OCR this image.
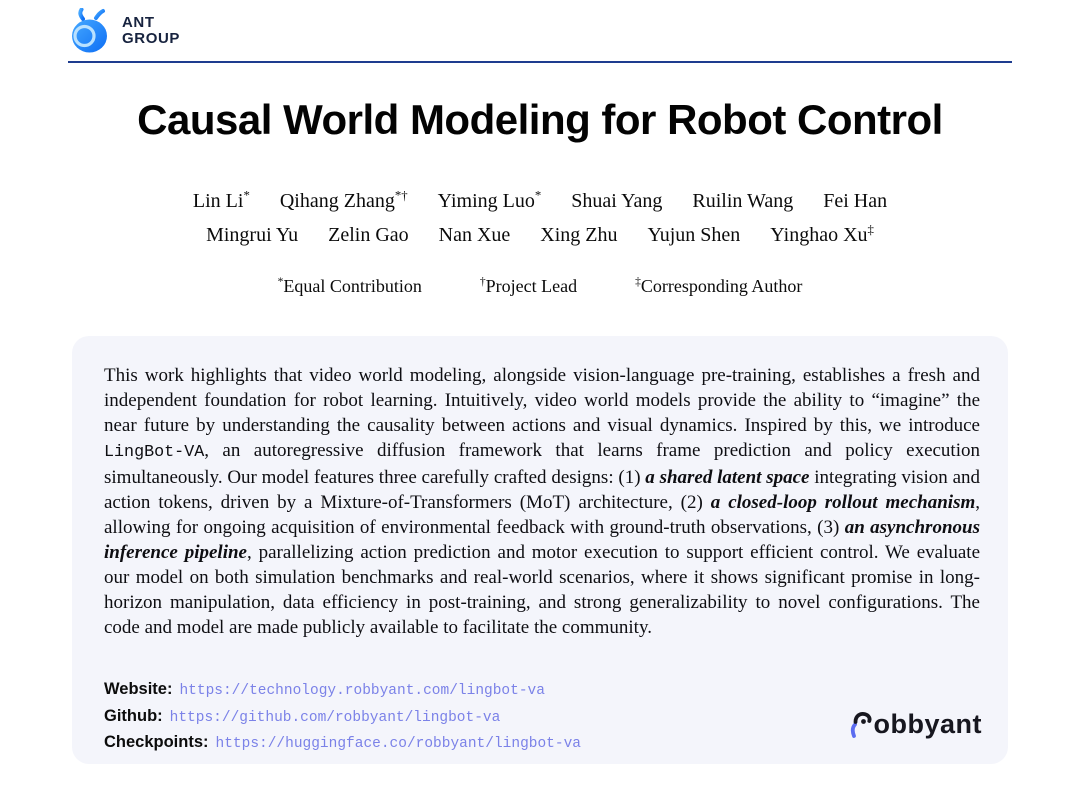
ANT
GROUP
Causal World Modeling for Robot Control
Lin Li* Qihang Zhang*† Yiming Luo* Shuai Yang Ruilin Wang Fei Han
Mingrui Yu Zelin Gao Nan Xue Xing Zhu Yujun Shen Yinghao Xu‡
*Equal Contribution	†Project Lead	‡Corresponding Author

This work highlights that video world modeling, alongside vision-language pre-training, establishes a fresh and independent foundation for robot learning. Intuitively, video world models provide the ability to “imagine” the near future by understanding the causality between actions and visual dynamics. Inspired by this, we introduce LingBot-VA, an autoregressive diffusion framework that learns frame prediction and policy execution simultaneously. Our model features three carefully crafted designs: (1) a shared latent space integrating vision and action tokens, driven by a Mixture-of-Transformers (MoT) architecture, (2) a closed-loop rollout mechanism, allowing for ongoing acquisition of environmental feedback with ground-truth observations, (3) an asynchronous inference pipeline, parallelizing action prediction and motor execution to support efficient control. We evaluate our model on both simulation benchmarks and real-world scenarios, where it shows significant promise in long-horizon manipulation, data efficiency in post-training, and strong generalizability to novel configurations. The code and model are made publicly available to facilitate the community.

Website: https://technology.robbyant.com/lingbot-va
Github: https://github.com/robbyant/lingbot-va
Checkpoints: https://huggingface.co/robbyant/lingbot-va
obbyant
